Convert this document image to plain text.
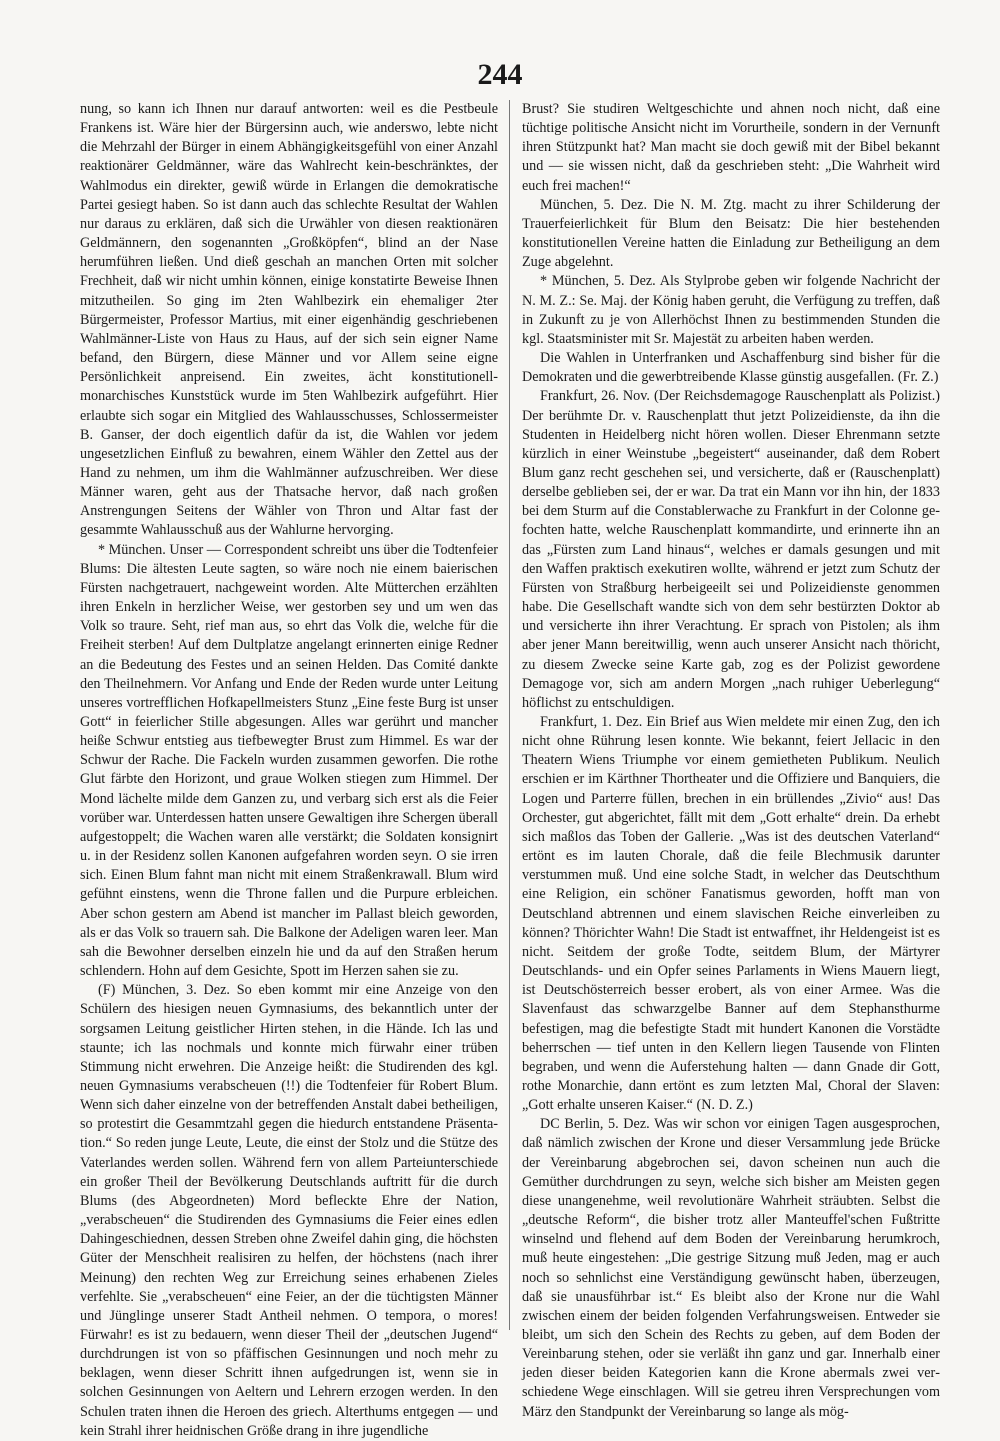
244

nung, so kann ich Ihnen nur darauf antworten: weil es die Pestbeule Frankens ist. Wäre hier der Bürgersinn auch, wie anderswo, lebte nicht die Mehrzahl der Bürger in einem Abhängigkeitsgefühl von einer Anzahl reaktionärer Geldmänner, wäre das Wahlrecht kein-beschränktes, der Wahlmodus ein direkter, gewiß würde in Erlangen die demokratische Partei gesiegt haben. So ist dann auch das schlechte Resultat der Wahlen nur daraus zu erklären, daß sich die Urwähler von diesen reaktionären Geldmännern, den sogenannten „Großköpfen“, blind an der Nase herumführen ließen. Und dieß geschah an manchen Orten mit solcher Frechheit, daß wir nicht umhin können, einige konstatirte Beweise Ihnen mitzutheilen. So ging im 2ten Wahlbezirk ein ehemaliger 2ter Bürgermeister, Professor Martius, mit einer eigenhändig geschriebenen Wahlmänner-Liste von Haus zu Haus, auf der sich sein eigner Name befand, den Bürgern, diese Männer und vor Allem seine eigne Persönlichkeit anpreisend. Ein zweites, ächt konstitutionell-monarchisches Kunststück wurde im 5ten Wahlbezirk aufgeführt. Hier erlaubte sich sogar ein Mitglied des Wahlausschusses, Schlossermeister B. Ganser, der doch eigentlich dafür da ist, die Wahlen vor jedem ungesetzlichen Einfluß zu bewahren, einem Wähler den Zettel aus der Hand zu nehmen, um ihm die Wahlmänner aufzuschreiben. Wer diese Männer waren, geht aus der Thatsache hervor, daß nach großen Anstrengungen Seitens der Wähler von Thron und Altar fast der gesammte Wahlausschuß aus der Wahlurne hervorging.

* München. Unser — Correspondent schreibt uns über die Todtenfeier Blums: Die ältesten Leute sagten, so wäre noch nie einem baierischen Fürsten nachgetrauert, nachgeweint worden. Alte Mütterchen erzählten ihren Enkeln in herzlicher Weise, wer gestorben sey und um wen das Volk so traure. Seht, rief man aus, so ehrt das Volk die, welche für die Freiheit sterben! Auf dem Dultplatze angelangt erinnerten einige Redner an die Bedeutung des Festes und an seinen Helden. Das Comité dankte den Theilnehmern. Vor Anfang und Ende der Reden wurde unter Leitung unseres vortrefflichen Hofkapellmeisters Stunz „Eine feste Burg ist unser Gott“ in feierlicher Stille abgesungen. Alles war gerührt und mancher heiße Schwur entstieg aus tiefbewegter Brust zum Himmel. Es war der Schwur der Rache. Die Fackeln wurden zusammen geworfen. Die rothe Glut färbte den Horizont, und graue Wolken stiegen zum Himmel. Der Mond lächelte milde dem Ganzen zu, und verbarg sich erst als die Feier vorüber war. Unterdessen hatten unsere Gewaltigen ihre Schergen überall aufgestoppelt; die Wachen waren alle verstärkt; die Soldaten konsignirt u. in der Residenz sollen Kanonen aufgefahren worden seyn. O sie irren sich. Einen Blum fahnt man nicht mit einem Straßenkrawall. Blum wird gefühnt einstens, wenn die Throne fallen und die Purpure erbleichen. Aber schon gestern am Abend ist mancher im Pallast bleich geworden, als er das Volk so trauern sah. Die Balkone der Adeligen waren leer. Man sah die Bewohner derselben einzeln hie und da auf den Straßen herum schlendern. Hohn auf dem Gesichte, Spott im Herzen sahen sie zu.

(F) München, 3. Dez. So eben kommt mir eine Anzeige von den Schülern des hiesigen neuen Gymnasiums, des bekanntlich unter der sorgsamen Leitung geistlicher Hirten stehen, in die Hände. Ich las und staunte; ich las nochmals und konnte mich fürwahr einer trüben Stimmung nicht erwehren. Die Anzeige heißt: die Studirenden des kgl. neuen Gymnasiums verabscheuen (!!) die Todtenfeier für Robert Blum. Wenn sich daher einzelne von der betreffenden Anstalt dabei betheiligen, so protestirt die Gesammtzahl gegen die hiedurch entstandene Präsentation.“ So reden junge Leute, Leute, die einst der Stolz und die Stütze des Vaterlandes werden sollen. Während fern von allem Parteiunterschiede ein großer Theil der Bevölkerung Deutschlands auftritt für die durch Blums (des Abgeordneten) Mord befleckte Ehre der Nation, „verabscheuen“ die Studirenden des Gymnasiums die Feier eines edlen Dahingeschiednen, dessen Streben ohne Zweifel dahin ging, die höchsten Güter der Menschheit realisiren zu helfen, der höchstens (nach ihrer Meinung) den rechten Weg zur Erreichung seines erhabenen Zieles verfehlte. Sie „verabscheuen“ eine Feier, an der die tüchtigsten Männer und Jünglinge unserer Stadt Antheil nehmen. O tempora, o mores! Fürwahr! es ist zu bedauern, wenn dieser Theil der „deutschen Jugend“ durchdrungen ist von so pfäffischen Gesinnungen und noch mehr zu beklagen, wenn dieser Schritt ihnen aufgedrungen ist, wenn sie in solchen Gesinnungen von Aeltern und Lehrern erzogen werden. In den Schulen traten ihnen die Heroen des griech. Alterthums entgegen — und kein Strahl ihrer heidnischen Größe drang in ihre jugendliche

Brust? Sie studiren Weltgeschichte und ahnen noch nicht, daß eine tüchtige politische Ansicht nicht im Vorurtheile, sondern in der Vernunft ihren Stützpunkt hat? Man macht sie doch gewiß mit der Bibel bekannt und — sie wissen nicht, daß da geschrieben steht: „Die Wahrheit wird euch frei machen!“

München, 5. Dez. Die N. M. Ztg. macht zu ihrer Schilderung der Trauerfeierlichkeit für Blum den Beisatz: Die hier bestehenden konstitutionellen Vereine hatten die Einladung zur Betheiligung an dem Zuge abgelehnt.

* München, 5. Dez. Als Stylprobe geben wir folgende Nachricht der N. M. Z.: Se. Maj. der König haben geruht, die Verfügung zu treffen, daß in Zukunft zu je von Allerhöchst Ihnen zu bestimmenden Stunden die kgl. Staatsminister mit Sr. Majestät zu arbeiten haben werden.

Die Wahlen in Unterfranken und Aschaffenburg sind bisher für die Demokraten und die gewerbtreibende Klasse günstig ausgefallen. (Fr. Z.)

Frankfurt, 26. Nov. (Der Reichsdemagoge Rauschenplatt als Polizist.) Der berühmte Dr. v. Rauschenplatt thut jetzt Polizeidienste, da ihn die Studenten in Heidelberg nicht hören wollen. Dieser Ehrenmann setzte kürzlich in einer Weinstube „begeistert“ auseinander, daß dem Robert Blum ganz recht geschehen sei, und versicherte, daß er (Rauschenplatt) derselbe geblieben sei, der er war. Da trat ein Mann vor ihn hin, der 1833 bei dem Sturm auf die Constablerwache zu Frankfurt in der Colonne gefochten hatte, welche Rauschenplatt kommandirte, und erinnerte ihn an das „Fürsten zum Land hinaus“, welches er damals gesungen und mit den Waffen praktisch exekutiren wollte, während er jetzt zum Schutz der Fürsten von Straßburg herbeigeeilt sei und Polizeidienste genommen habe. Die Gesellschaft wandte sich von dem sehr bestürzten Doktor ab und versicherte ihn ihrer Verachtung. Er sprach von Pistolen; als ihm aber jener Mann bereitwillig, wenn auch unserer Ansicht nach thöricht, zu diesem Zwecke seine Karte gab, zog es der Polizist gewordene Demagoge vor, sich am andern Morgen „nach ruhiger Ueberlegung“ höflichst zu entschuldigen.

Frankfurt, 1. Dez. Ein Brief aus Wien meldete mir einen Zug, den ich nicht ohne Rührung lesen konnte. Wie bekannt, feiert Jellacic in den Theatern Wiens Triumphe vor einem gemietheten Publikum. Neulich erschien er im Kärthner Thortheater und die Offiziere und Banquiers, die Logen und Parterre füllen, brechen in ein brüllendes „Zivio“ aus! Das Orchester, gut abgerichtet, fällt mit dem „Gott erhalte“ drein. Da erhebt sich maßlos das Toben der Gallerie. „Was ist des deutschen Vaterland“ ertönt es im lauten Chorale, daß die feile Blechmusik darunter verstummen muß. Und eine solche Stadt, in welcher das Deutschthum eine Religion, ein schöner Fanatismus geworden, hofft man von Deutschland abtrennen und einem slavischen Reiche einverleiben zu können? Thörichter Wahn! Die Stadt ist entwaffnet, ihr Heldengeist ist es nicht. Seitdem der große Todte, seitdem Blum, der Märtyrer Deutschlands- und ein Opfer seines Parlaments in Wiens Mauern liegt, ist Deutschösterreich besser erobert, als von einer Armee. Was die Slavenfaust das schwarzgelbe Banner auf dem Stephansthurme befestigen, mag die befestigte Stadt mit hundert Kanonen die Vorstädte beherrschen — tief unten in den Kellern liegen Tausende von Flinten begraben, und wenn die Auferstehung halten — dann Gnade dir Gott, rothe Monarchie, dann ertönt es zum letzten Mal, Choral der Slaven: „Gott erhalte unseren Kaiser.“ (N. D. Z.)

DC Berlin, 5. Dez. Was wir schon vor einigen Tagen ausgesprochen, daß nämlich zwischen der Krone und dieser Versammlung jede Brücke der Vereinbarung abgebrochen sei, davon scheinen nun auch die Gemüther durchdrungen zu seyn, welche sich bisher am Meisten gegen diese unangenehme, weil revolutionäre Wahrheit sträubten. Selbst die „deutsche Reform“, die bisher trotz aller Manteuffel'schen Fußtritte winselnd und flehend auf dem Boden der Vereinbarung herumkroch, muß heute eingestehen: „Die gestrige Sitzung muß Jeden, mag er auch noch so sehnlichst eine Verständigung gewünscht haben, überzeugen, daß sie unausführbar ist.“ Es bleibt also der Krone nur die Wahl zwischen einem der beiden folgenden Verfahrungsweisen. Entweder sie bleibt, um sich den Schein des Rechts zu geben, auf dem Boden der Vereinbarung stehen, oder sie verläßt ihn ganz und gar. Innerhalb einer jeden dieser beiden Kategorien kann die Krone abermals zwei verschiedene Wege einschlagen. Will sie getreu ihren Versprechungen vom März den Standpunkt der Vereinbarung so lange als mög-
